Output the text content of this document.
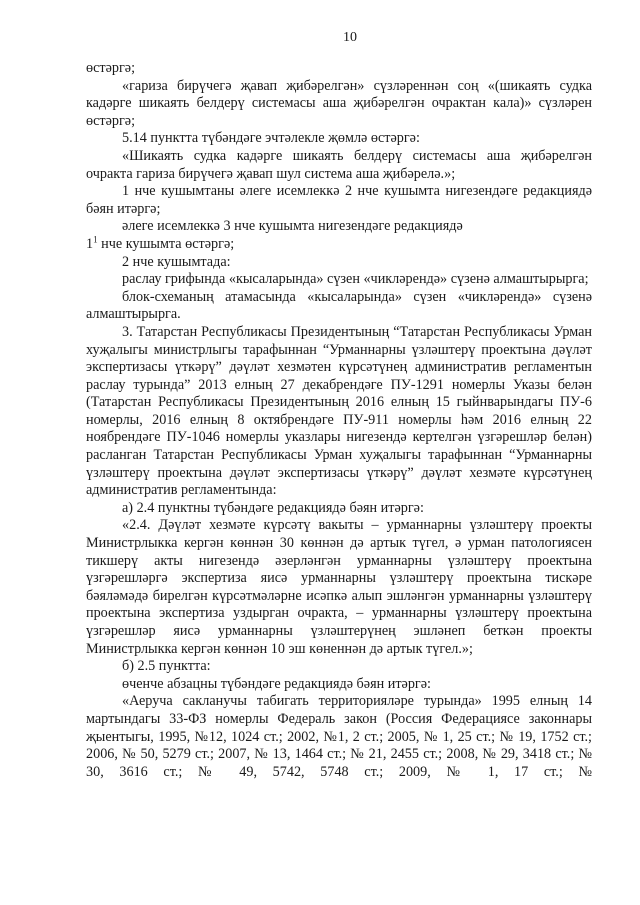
10

өстәргә;

«гариза бирүчегә җавап җибәрелгән» сүзләреннән соң «(шикаять судка кадәрге шикаять белдерү системасы аша җибәрелгән очрактан кала)» сүзләрен өстәргә;

5.14 пунктта түбәндәге эчтәлекле җөмлә өстәргә:

«Шикаять судка кадәрге шикаять белдерү системасы аша җибәрелгән очракта гариза бирүчегә җавап шул система аша җибәрелә.»;

1 нче кушымтаны әлеге исемлеккә 2 нче кушымта нигезендәге редакциядә бәян итәргә;

әлеге исемлеккә 3 нче кушымта нигезендәге редакциядә
$1^1$ нче кушымта өстәргә;

2 нче кушымтада:

раслау грифында «кысаларында» сүзен «чикләрендә» сүзенә алмаштырырга;

блок-схеманың атамасында «кысаларында» сүзен «чикләрендә» сүзенә алмаштырырга.

3. Татарстан Республикасы Президентының “Татарстан Республикасы Урман хуҗалыгы министрлыгы тарафыннан “Урманнарны үзләштерү проектына дәүләт экспертизасы үткәрү” дәүләт хезмәтен күрсәтүнең административ регламентын раслау турында” 2013 елның 27 декабрендәге ПУ-1291 номерлы Указы белән (Татарстан Республикасы Президентының 2016 елның 15 гыйнварындагы ПУ-6 номерлы, 2016 елның 8 октябрендәге ПУ-911 номерлы һәм 2016 елның 22 ноябрендәге ПУ-1046 номерлы указлары нигезендә кертелгән үзгәрешләр белән) расланган Татарстан Республикасы Урман хуҗалыгы тарафыннан “Урманнарны үзләштерү проектына дәүләт экспертизасы үткәрү” дәүләт хезмәте күрсәтүнең административ регламентында:

а) 2.4 пунктны түбәндәге редакциядә бәян итәргә:

«2.4. Дәүләт хезмәте күрсәтү вакыты – урманнарны үзләштерү проекты Министрлыкка кергән көннән 30 көннән дә артык түгел, ә урман патологиясен тикшерү акты нигезендә әзерләнгән урманнарны үзләштерү проектына үзгәрешләргә экспертиза яисә урманнарны үзләштерү проектына тискәре бәяләмәдә бирелгән күрсәтмәләрне исәпкә алып эшләнгән урманнарны үзләштерү проектына экспертиза уздырган очракта, – урманнарны үзләштерү проектына үзгәрешләр яисә урманнарны үзләштерүнең эшләнеп беткән проекты Министрлыкка кергән көннән 10 эш көненнән дә артык түгел.»;

б) 2.5 пунктта:

өченче абзацны түбәндәге редакциядә бәян итәргә:

«Аеруча сакланучы табигать территорияләре турында» 1995 елның 14 мартындагы 33-ФЗ номерлы Федераль закон (Россия Федерациясе законнары җыентыгы, 1995, №12, 1024 ст.; 2002, №1, 2 ст.; 2005, № 1, 25 ст.; № 19, 1752 ст.; 2006, № 50, 5279 ст.; 2007, № 13, 1464 ст.; № 21, 2455 ст.; 2008, № 29, 3418 ст.; № 30, 3616 ст.; № 49, 5742, 5748 ст.; 2009, № 1, 17 ст.; №
